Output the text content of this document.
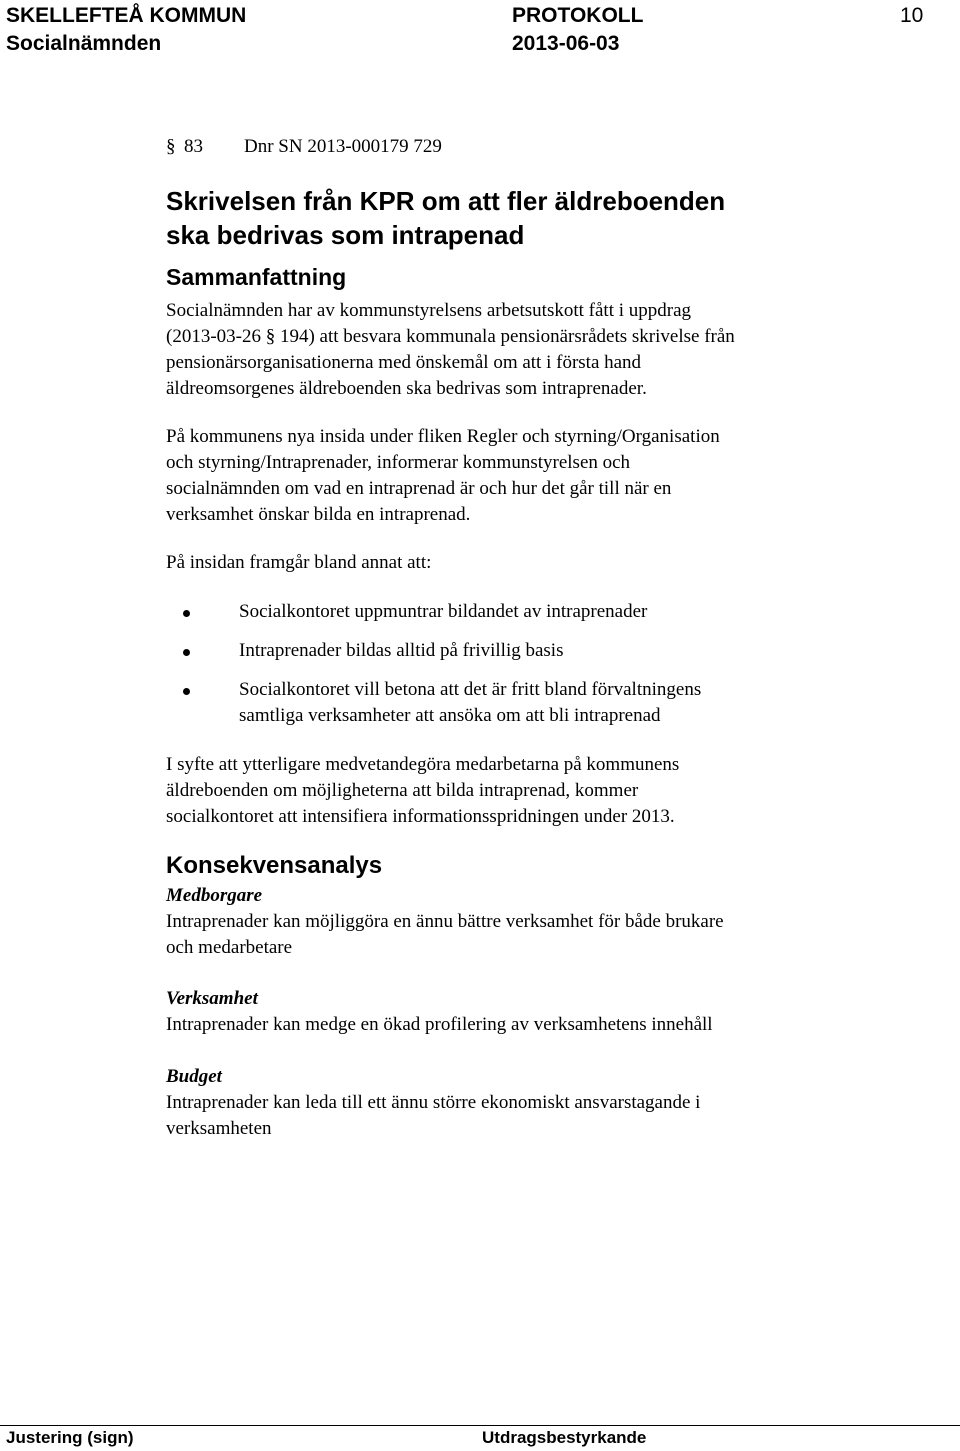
SKELLEFTEÅ KOMMUN
Socialnämnden
PROTOKOLL
2013-06-03
10
§ 83 Dnr SN 2013-000179 729
Skrivelsen från KPR om att fler äldreboenden
ska bedrivas som intrapenad
Sammanfattning

Socialnämnden har av kommunstyrelsens arbetsutskott fått i uppdrag
(2013-03-26 § 194) att besvara kommunala pensionärsrådets skrivelse från
pensionärsorganisationerna med önskemål om att i första hand
äldreomsorgenes äldreboenden ska bedrivas som intraprenader.

På kommunens nya insida under fliken Regler och styrning/Organisation
och styrning/Intraprenader, informerar kommunstyrelsen och
socialnämnden om vad en intraprenad är och hur det går till när en
verksamhet önskar bilda en intraprenad.

På insidan framgår bland annat att:

Socialkontoret uppmuntrar bildandet av intraprenader
Intraprenader bildas alltid på frivillig basis
Socialkontoret vill betona att det är fritt bland förvaltningens
samtliga verksamheter att ansöka om att bli intraprenad

I syfte att ytterligare medvetandegöra medarbetarna på kommunens
äldreboenden om möjligheterna att bilda intraprenad, kommer
socialkontoret att intensifiera informationsspridningen under 2013.

Konsekvensanalys

Medborgare

Intraprenader kan möjliggöra en ännu bättre verksamhet för både brukare
och medarbetare

Verksamhet

Intraprenader kan medge en ökad profilering av verksamhetens innehåll

Budget

Intraprenader kan leda till ett ännu större ekonomiskt ansvarstagande i
verksamheten

Justering (sign)	Utdragsbestyrkande
